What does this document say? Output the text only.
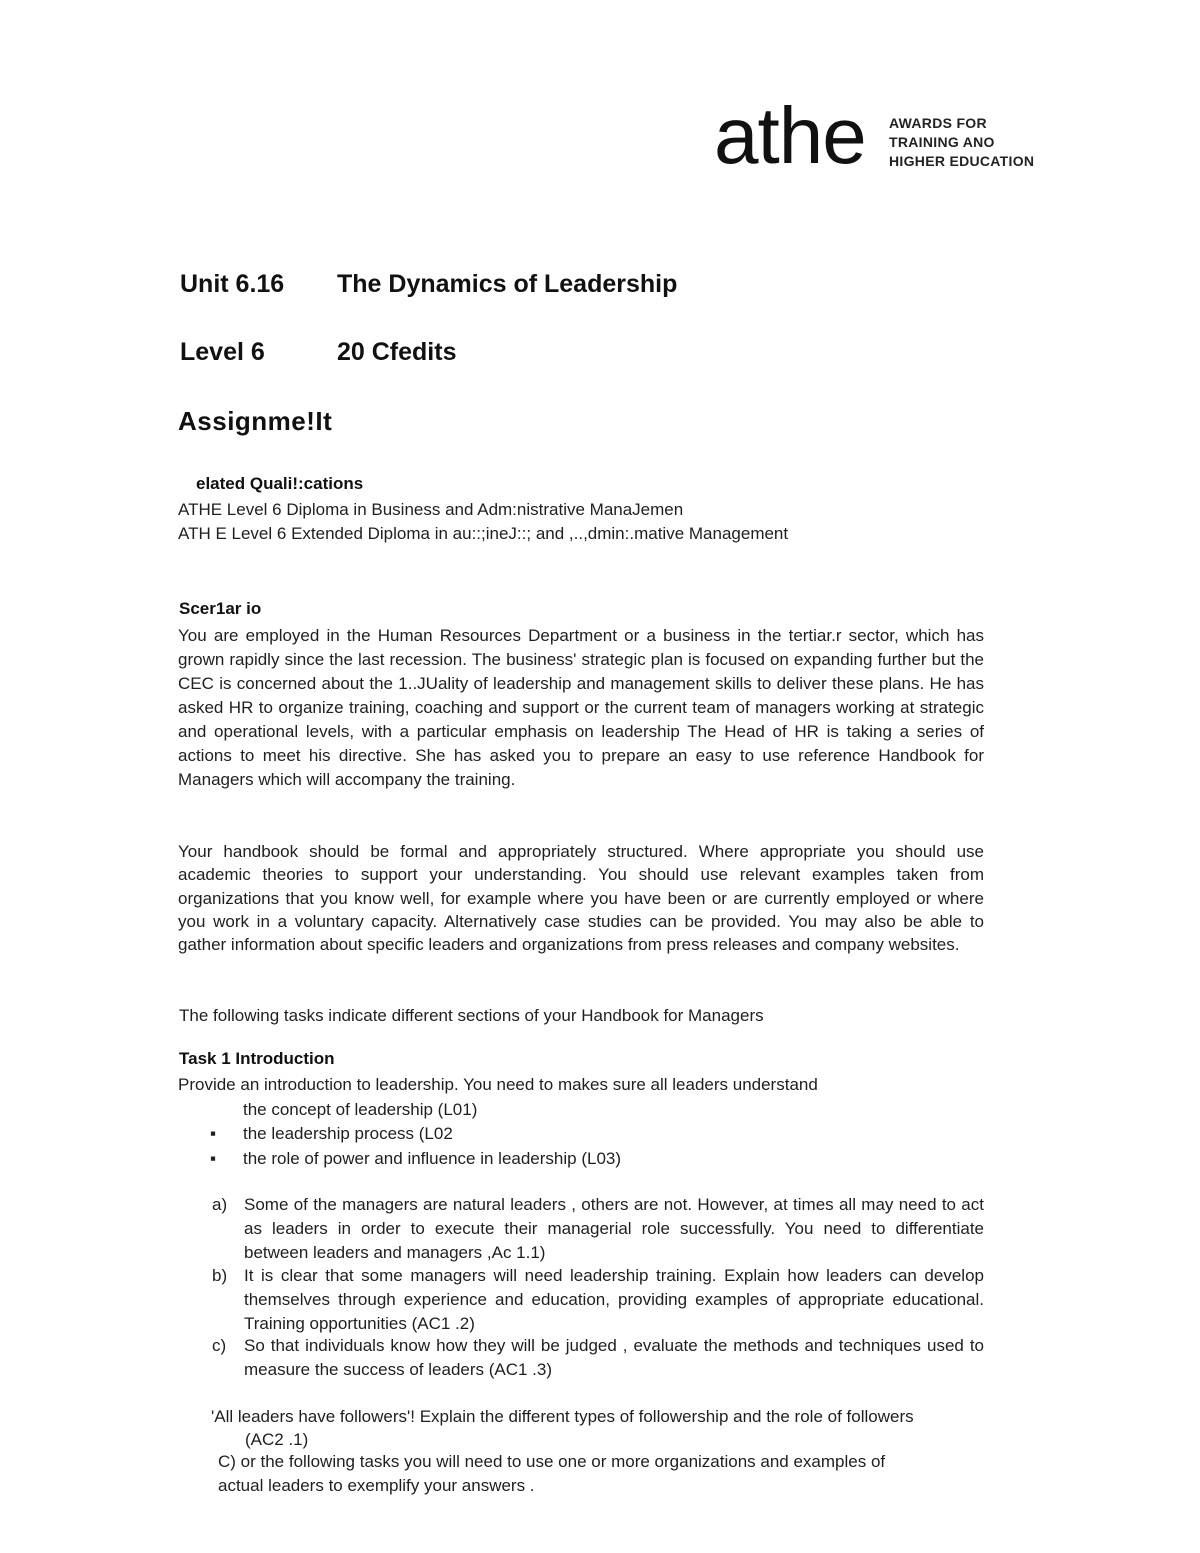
athe AWARDS FOR
TRAINING ANO
HIGHER EDUCATION
Unit 6.16 The Dynamics of Leadership
Level 6	20 Cfedits
Assignme!It
elated Quali!:cations
ATHE Level 6 Diploma in Business and Adm:nistrative ManaJemen
ATH E Level 6 Extended Diploma in au::;ineJ::; and ,..,dmin:.mative Management
Scer1ar io
You are employed in the Human Resources Department or a business in the tertiar.r sector, which has grown rapidly since the last recession. The business' strategic plan is focused on expanding further but the CEC is concerned about the 1..JUality of leadership and management skills to deliver these plans. He has asked HR to organize training, coaching and support or the current team of managers working at strategic and operational levels, with a particular emphasis on leadership The Head of HR is taking a series of actions to meet his directive. She has asked you to prepare an easy to use reference Handbook for Managers which will accompany the training.
Your handbook should be formal and appropriately structured. Where appropriate you should use academic theories to support your understanding. You should use relevant examples taken from organizations that you know well, for example where you have been or are currently employed or where you work in a voluntary capacity. Alternatively case studies can be provided. You may also be able to gather information about specific leaders and organizations from press releases and company websites.
The following tasks indicate different sections of your Handbook for Managers
Task 1 Introduction
Provide an introduction to leadership. You need to makes sure all leaders understand
the concept of leadership (L01)
▪ the leadership process (L02
▪ the role of power and influence in leadership (L03)
a) Some of the managers are natural leaders , others are not. However, at times all may need to act as leaders in order to execute their managerial role successfully. You need to differentiate between leaders and managers ,Ac 1.1)
b) It is clear that some managers will need leadership training. Explain how leaders can develop themselves through experience and education, providing examples of appropriate educational. Training opportunities (AC1 .2)
c) So that individuals know how they will be judged , evaluate the methods and techniques used to measure the success of leaders (AC1 .3)
'All leaders have followers'! Explain the different types of followership and the role of followers
(AC2 .1)
C) or the following tasks you will need to use one or more organizations and examples of
actual leaders to exemplify your answers .
